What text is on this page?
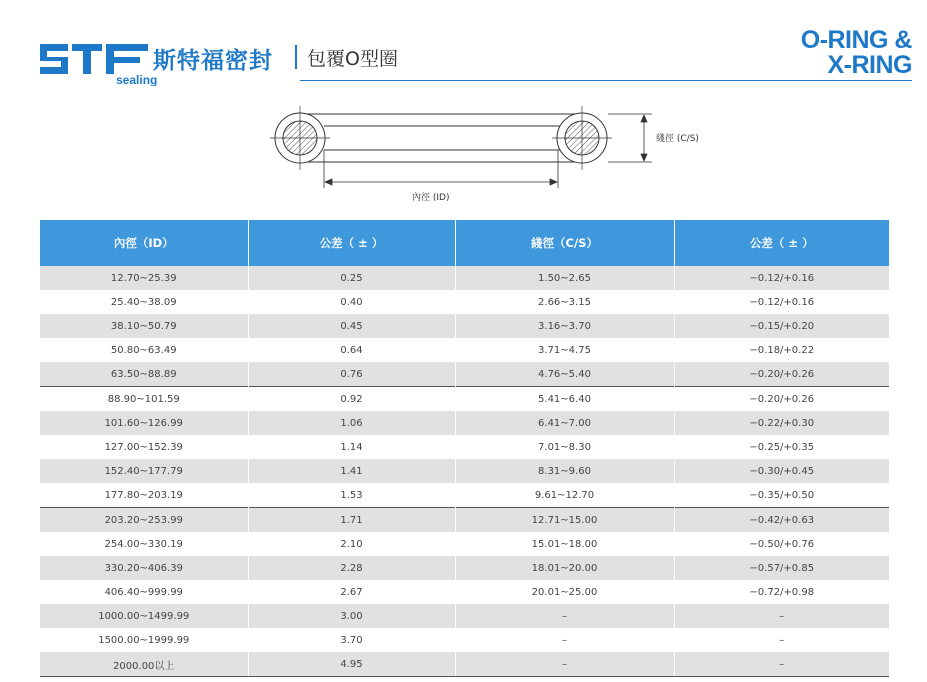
sealing
斯特福密封 包覆O型圈
O-RING &
X-RING
綫徑 (C/S)
內徑 (ID)
內徑（ID）	公差（ ± ）	綫徑（C/S）	公差（ ± ）
12.70~25.39	0.25	1.50~2.65	−0.12/+0.16
25.40~38.09	0.40	2.66~3.15	−0.12/+0.16
38.10~50.79	0.45	3.16~3.70	−0.15/+0.20
50.80~63.49	0.64	3.71~4.75	−0.18/+0.22
63.50~88.89	0.76	4.76~5.40	−0.20/+0.26
88.90~101.59	0.92	5.41~6.40	−0.20/+0.26
101.60~126.99	1.06	6.41~7.00	−0.22/+0.30
127.00~152.39	1.14	7.01~8.30	−0.25/+0.35
152.40~177.79	1.41	8.31~9.60	−0.30/+0.45
177.80~203.19	1.53	9.61~12.70	−0.35/+0.50
203.20~253.99	1.71	12.71~15.00	−0.42/+0.63
254.00~330.19	2.10	15.01~18.00	−0.50/+0.76
330.20~406.39	2.28	18.01~20.00	−0.57/+0.85
406.40~999.99	2.67	20.01~25.00	−0.72/+0.98
1000.00~1499.99	3.00	–	–
1500.00~1999.99	3.70	–	–
2000.00以上	4.95	–	–
